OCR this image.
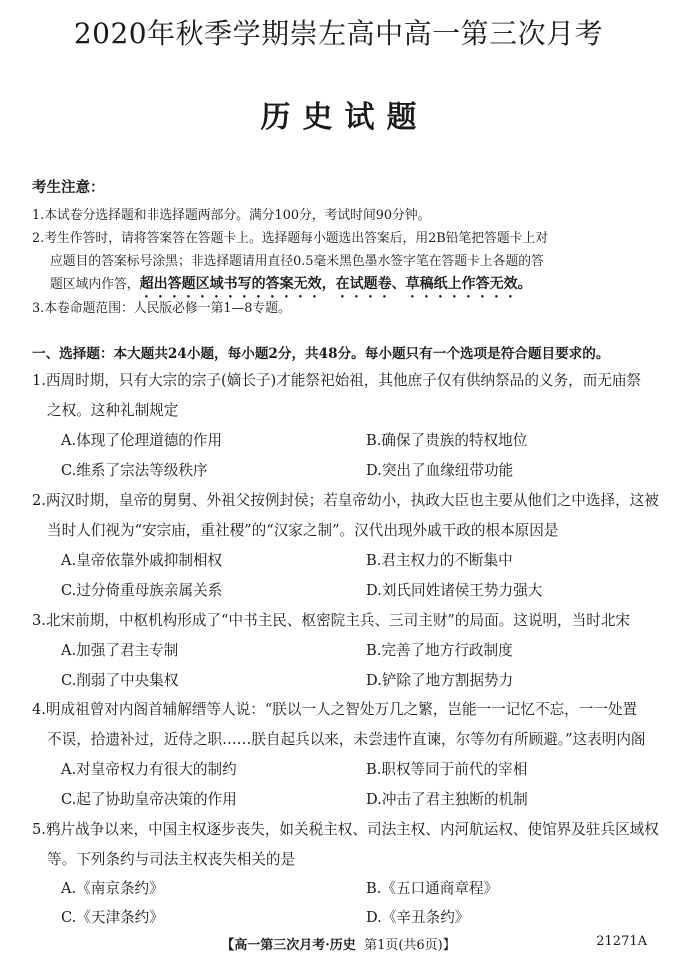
2020年秋季学期崇左高中高一第三次月考
历史试题
考生注意：
1.本试卷分选择题和非选择题两部分。满分100分，考试时间90分钟。
2.考生作答时，请将答案答在答题卡上。选择题每小题选出答案后，用2B铅笔把答题卡上对
应题目的答案标号涂黑；非选择题请用直径0.5毫米黑色墨水签字笔在答题卡上各题的答
题区域内作答，超出答题区域书写的答案无效，在试题卷、草稿纸上作答无效。
3.本卷命题范围：人民版必修一第1—8专题。
一、选择题：本大题共24小题，每小题2分，共48分。每小题只有一个选项是符合题目要求的。
1.西周时期，只有大宗的宗子(嫡长子)才能祭祀始祖，其他庶子仅有供纳祭品的义务，而无庙祭
之权。这种礼制规定
A.体现了伦理道德的作用	B.确保了贵族的特权地位
C.维系了宗法等级秩序	D.突出了血缘纽带功能
2.两汉时期，皇帝的舅舅、外祖父按例封侯；若皇帝幼小，执政大臣也主要从他们之中选择，这被
当时人们视为“安宗庙，重社稷”的“汉家之制”。汉代出现外戚干政的根本原因是
A.皇帝依靠外戚抑制相权	B.君主权力的不断集中
C.过分倚重母族亲属关系	D.刘氏同姓诸侯王势力强大
3.北宋前期，中枢机构形成了“中书主民、枢密院主兵、三司主财”的局面。这说明，当时北宋
A.加强了君主专制	B.完善了地方行政制度
C.削弱了中央集权	D.铲除了地方割据势力
4.明成祖曾对内阁首辅解缙等人说：“朕以一人之智处万几之繁，岂能一一记忆不忘，一一处置
不误，拾遗补过，近侍之职……朕自起兵以来，未尝违忤直谏，尔等勿有所顾避。”这表明内阁
A.对皇帝权力有很大的制约	B.职权等同于前代的宰相
C.起了协助皇帝决策的作用	D.冲击了君主独断的机制
5.鸦片战争以来，中国主权逐步丧失，如关税主权、司法主权、内河航运权、使馆界及驻兵区域权
等。下列条约与司法主权丧失相关的是
A.《南京条约》	B.《五口通商章程》
C.《天津条约》	D.《辛丑条约》
【高一第三次月考·历史 第1页(共6页)】	21271A
